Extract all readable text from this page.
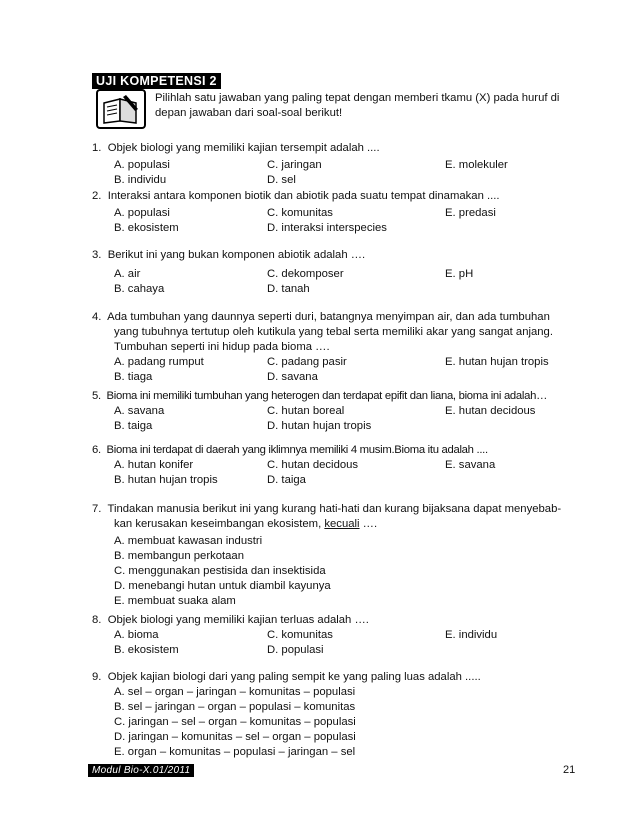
UJI KOMPETENSI 2
Pilihlah satu jawaban yang paling tepat dengan memberi tkamu (X) pada huruf di
depan jawaban dari soal-soal berikut!
1. Objek biologi yang memiliki kajian tersempit adalah ....
A. populasi	C. jaringan	E. molekuler
B. individu	D. sel
2. Interaksi antara komponen biotik dan abiotik pada suatu tempat dinamakan ....
A. populasi	C. komunitas	E. predasi
B. ekosistem	D. interaksi interspecies
3. Berikut ini yang bukan komponen abiotik adalah ….
A. air	C. dekomposer	E. pH
B. cahaya	D. tanah
4. Ada tumbuhan yang daunnya seperti duri, batangnya menyimpan air, dan ada tumbuhan
yang tubuhnya tertutup oleh kutikula yang tebal serta memiliki akar yang sangat anjang.
Tumbuhan seperti ini hidup pada bioma ….
A. padang rumput	C. padang pasir	E. hutan hujan tropis
B. tiaga	D. savana
5. Bioma ini memiliki tumbuhan yang heterogen dan terdapat epifit dan liana, bioma ini adalah…
A. savana	C. hutan boreal	E. hutan decidous
B. taiga	D. hutan hujan tropis
6. Bioma ini terdapat di daerah yang iklimnya memiliki 4 musim.Bioma itu adalah ....
A. hutan konifer	C. hutan decidous	E. savana
B. hutan hujan tropis	D. taiga
7. Tindakan manusia berikut ini yang kurang hati-hati dan kurang bijaksana dapat menyebab-
kan kerusakan keseimbangan ekosistem, kecuali ….
A. membuat kawasan industri
B. membangun perkotaan
C. menggunakan pestisida dan insektisida
D. menebangi hutan untuk diambil kayunya
E. membuat suaka alam
8. Objek biologi yang memiliki kajian terluas adalah ….
A. bioma	C. komunitas	E. individu
B. ekosistem	D. populasi
9. Objek kajian biologi dari yang paling sempit ke yang paling luas adalah .....
A. sel – organ – jaringan – komunitas – populasi
B. sel – jaringan – organ – populasi – komunitas
C. jaringan – sel – organ – komunitas – populasi
D. jaringan – komunitas – sel – organ – populasi
E. organ – komunitas – populasi – jaringan – sel
Modul Bio-X.01/2011	21
